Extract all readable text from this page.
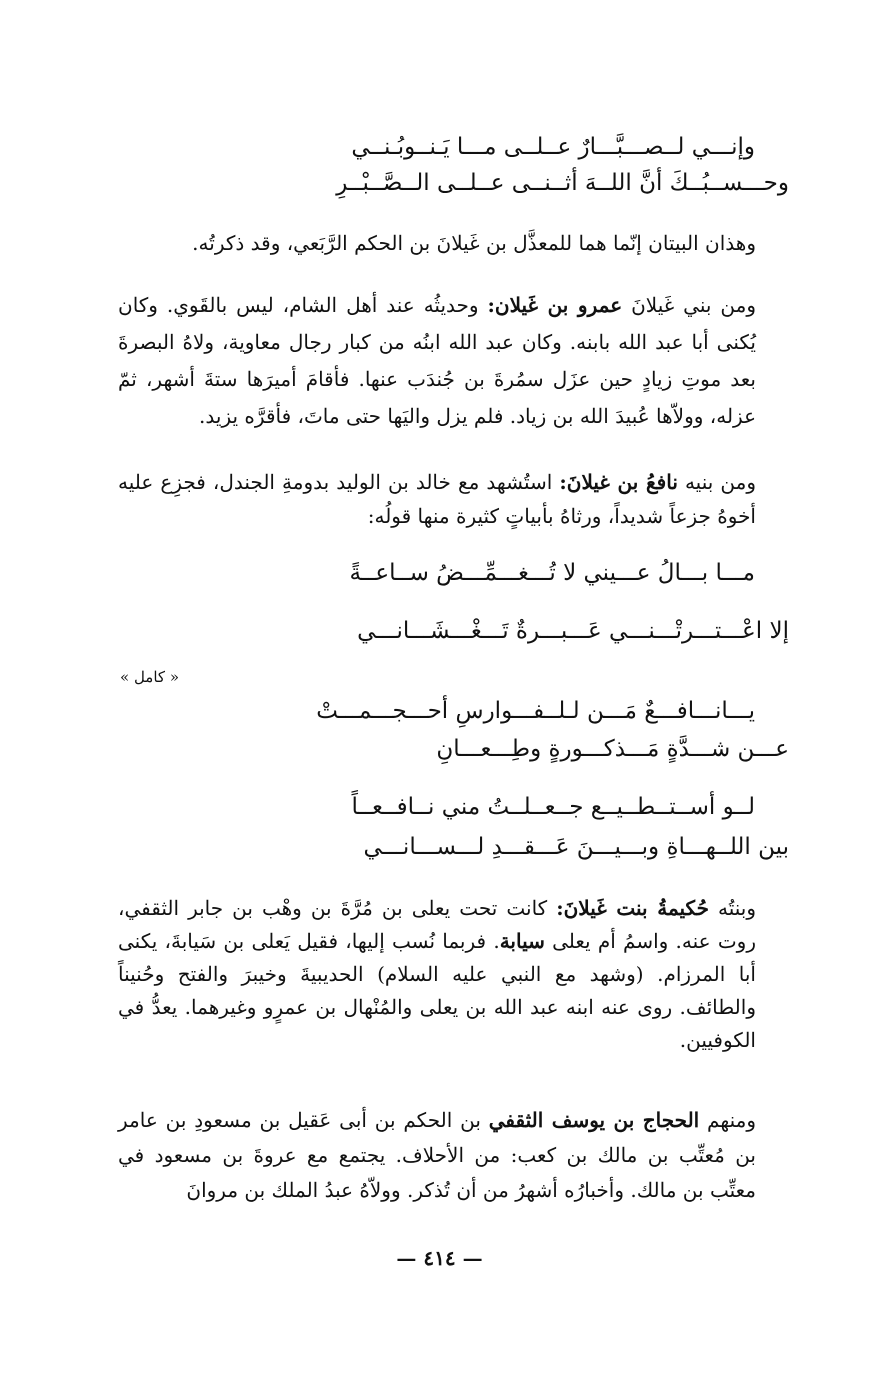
وإنـــي لــصـــبَّـــارٌ عــلــى مـــا يَـنــوبُـنــي
وحـــســبُــكَ أنَّ اللــهَ أثــنــى عــلــى الــصَّــبْــرِ
وهذان البيتان إنّما هما للمعذَّل بن غَيلانَ بن الحكم الرَّبَعي، وقد ذكرتُه.
ومن بني غَيلانَ عمرو بن غَيلان: وحديثُه عند أهل الشام، ليس بالقَوي. وكان يُكنى أبا عبد الله بابنه. وكان عبد الله ابنُه من كبار رجال معاوية، ولاهُ البصرةَ بعد موتِ زيادٍ حين عزَل سمُرةَ بن جُندَب عنها. فأقامَ أميرَها ستةَ أشهر، ثمّ عزله، وولاّها عُبيدَ الله بن زياد. فلم يزل واليَها حتى ماتَ، فأقرَّه يزيد.
ومن بنيه نافعُ بن غيلانَ: استُشهد مع خالد بن الوليد بدومةِ الجندل، فجزِع عليه أخوهُ جزعاً شديداً، ورثاهُ بأبياتٍ كثيرة منها قولُه:
مـــا بـــالُ عـــيني لا تُـــغـــمِّـــضُ ســاعــةً
إلا اعْـــتـــرتْـــنـــي عَـــبـــرةٌ تَـــغْـــشَـــانـــي
« كامل »
يـــانـــافـــعٌ مَـــن لـلــفـــوارسِ أحـــجـــمـــتْ
عـــن شـــدَّةٍ مَـــذكـــورةٍ وطِـــعـــانِ
لــو أســتــطــيــع جــعــلــتُ مني نــافــعــاً
بين اللــهـــاةِ وبـــيـــنَ عَـــقـــدِ لـــســـانـــي
وبنتُه حُكيمةُ بنت غَيلانَ: كانت تحت يعلى بن مُرَّةَ بن وهْب بن جابر الثقفي، روت عنه. واسمُ أم يعلى سيابة. فربما نُسب إليها، فقيل يَعلى بن سَيابةَ، يكنى أبا المرزام. (وشهد مع النبي عليه السلام) الحديبيةَ وخيبرَ والفتح وحُنيناً والطائف. روى عنه ابنه عبد الله بن يعلى والمُنْهال بن عمرٍو وغيرهما. يعدُّ في الكوفيين.
ومنهم الحجاج بن يوسف الثقفي بن الحكم بن أبى عَقيل بن مسعودِ بن عامر بن مُعتِّب بن مالك بن كعب: من الأحلاف. يجتمع مع عروةَ بن مسعود في معتِّب بن مالك. وأخبارُه أشهرُ من أن تُذكر. وولاّهُ عبدُ الملك بن مروانَ
— ٤١٤ —
